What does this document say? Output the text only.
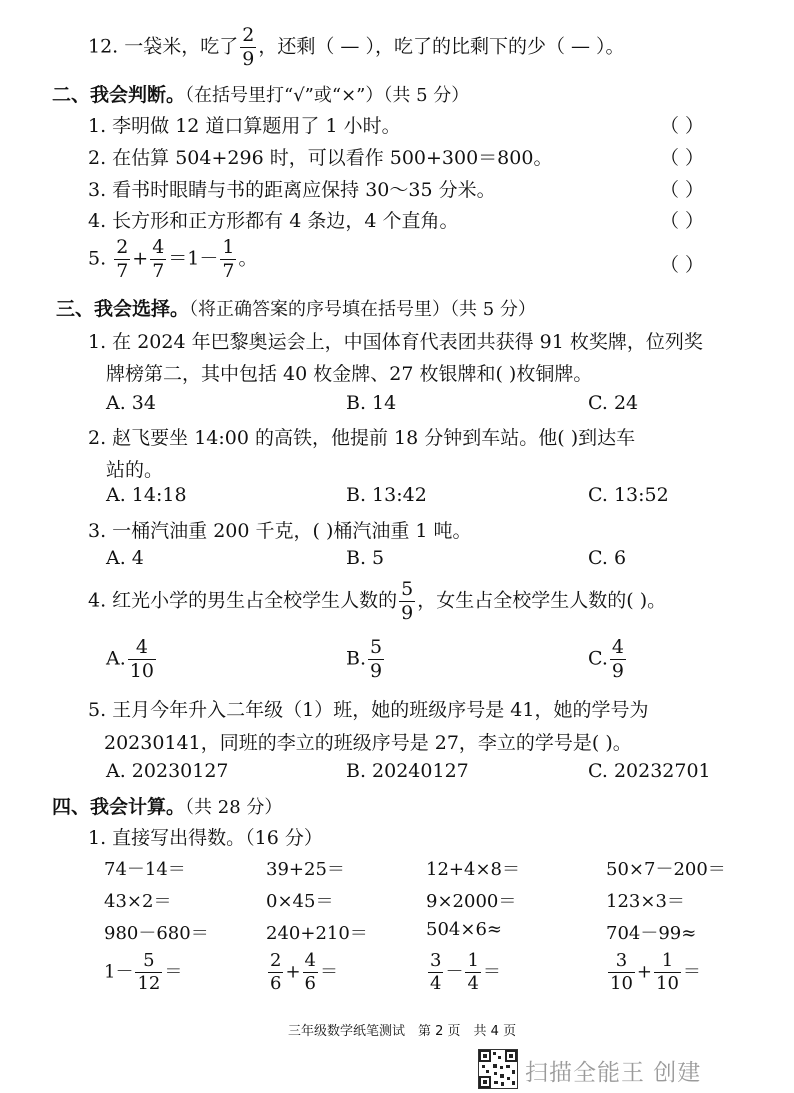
12. 一袋米，吃了 $\frac{2}{9}$ ，还剩（ — ），吃了的比剩下的少（ — ）。
二、我会判断。（在括号里打“√”或“×”）（共 5 分）
1. 李明做 12 道口算题用了 1 小时。	（ ）
2. 在估算 504+296 时，可以看作 500+300＝800。	（ ）
3. 看书时眼睛与书的距离应保持 30～35 分米。	（ ）
4. 长方形和正方形都有 4 条边，4 个直角。	（ ）
5. $\frac{2}{7} + \frac{4}{7} =1- \frac{1}{7}$ 。	（ ）
三、我会选择。（将正确答案的序号填在括号里）（共 5 分）
1. 在 2024 年巴黎奥运会上，中国体育代表团共获得 91 枚奖牌，位列奖
牌榜第二，其中包括 40 枚金牌、27 枚银牌和( )枚铜牌。
A. 34	B. 14	C. 24
2. 赵飞要坐 14:00 的高铁，他提前 18 分钟到车站。他( )到达车
站的。
A. 14:18	B. 13:42	C. 13:52
3. 一桶汽油重 200 千克，( )桶汽油重 1 吨。
A. 4	B. 5	C. 6
4. 红光小学的男生占全校学生人数的 $\frac{5}{9}$ ，女生占全校学生人数的( )。
A. $\frac{4}{10}$	B. $\frac{5}{9}$	C. $\frac{4}{9}$
5. 王月今年升入二年级（1）班，她的班级序号是 41，她的学号为
20230141，同班的李立的班级序号是 27，李立的学号是( )。
A. 20230127	B. 20240127	C. 20232701
四、我会计算。（共 28 分）
1. 直接写出得数。（16 分）
74－14＝	39+25＝	12+4×8＝	50×7－200＝
43×2＝	0×45＝	9×2000＝	123×3＝
980－680＝	240+210＝	504×6≈	704－99≈
$1- \frac{5}{12}$ ＝	$\frac{2}{6} + \frac{4}{6}$ ＝	$\frac{3}{4} - \frac{1}{4}$ ＝	$\frac{3}{10} + \frac{1}{10}$ ＝
三年级数学纸笔测试　第 2 页　共 4 页
扫描全能王 创建
